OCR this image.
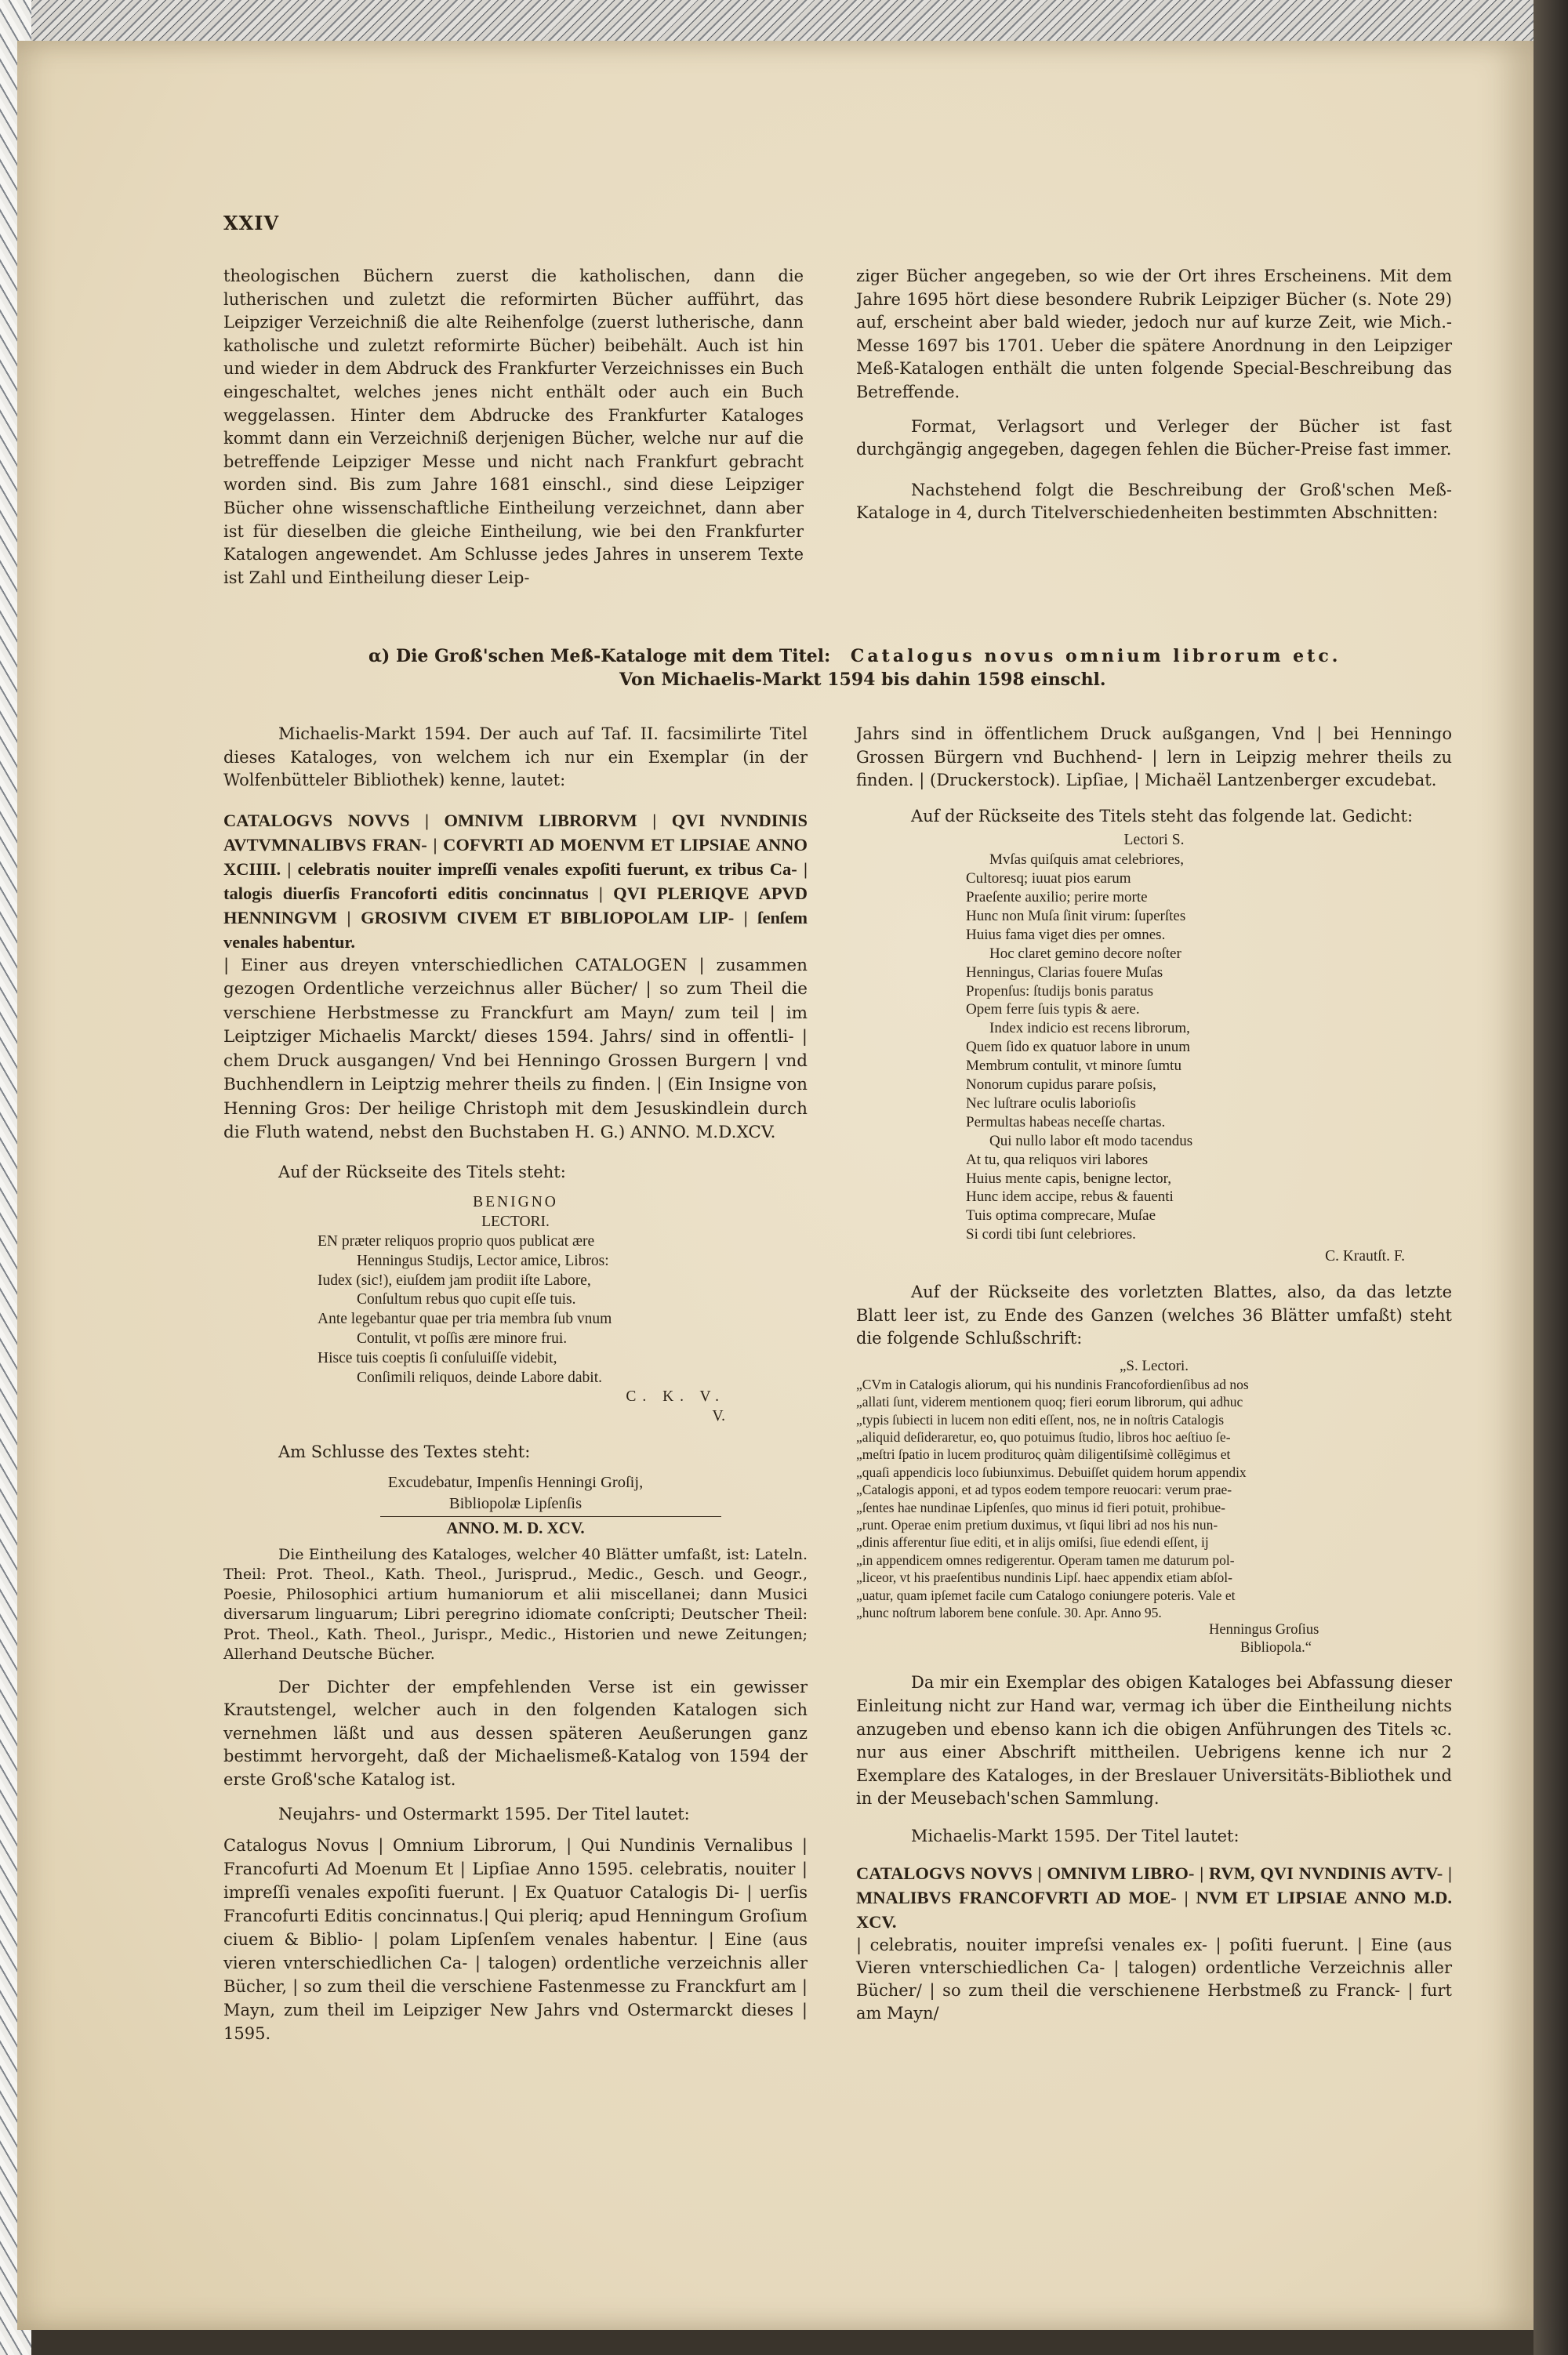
XXIV

theologischen Büchern zuerst die katholischen, dann die lutherischen und zuletzt die reformirten Bücher aufführt, das Leipziger Verzeichniß die alte Reihenfolge (zuerst lutherische, dann katholische und zuletzt reformirte Bücher) beibehält. Auch ist hin und wieder in dem Abdruck des Frankfurter Verzeichnisses ein Buch eingeschaltet, welches jenes nicht enthält oder auch ein Buch weggelassen. Hinter dem Abdrucke des Frankfurter Kataloges kommt dann ein Verzeichniß derjenigen Bücher, welche nur auf die betreffende Leipziger Messe und nicht nach Frankfurt gebracht worden sind. Bis zum Jahre 1681 einschl., sind diese Leipziger Bücher ohne wissenschaftliche Eintheilung verzeichnet, dann aber ist für dieselben die gleiche Eintheilung, wie bei den Frankfurter Katalogen angewendet. Am Schlusse jedes Jahres in unserem Texte ist Zahl und Eintheilung dieser Leip-

ziger Bücher angegeben, so wie der Ort ihres Erscheinens. Mit dem Jahre 1695 hört diese besondere Rubrik Leipziger Bücher (s. Note 29) auf, erscheint aber bald wieder, jedoch nur auf kurze Zeit, wie Mich.-Messe 1697 bis 1701. Ueber die spätere Anordnung in den Leipziger Meß-Katalogen enthält die unten folgende Special-Beschreibung das Betreffende.

Format, Verlagsort und Verleger der Bücher ist fast durchgängig angegeben, dagegen fehlen die Bücher-Preise fast immer.

Nachstehend folgt die Beschreibung der Groß'schen Meß-Kataloge in 4, durch Titelverschiedenheiten bestimmten Abschnitten:

α) Die Groß'schen Meß-Kataloge mit dem Titel: Catalogus novus omnium librorum etc.
Von Michaelis-Markt 1594 bis dahin 1598 einschl.

Michaelis-Markt 1594. Der auch auf Taf. II. facsimilirte Titel dieses Kataloges, von welchem ich nur ein Exemplar (in der Wolfenbütteler Bibliothek) kenne, lautet:

CATALOGVS NOVVS | OMNIVM LIBRORVM | QVI NVNDINIS AVTVMNALIBVS FRAN- | COFVRTI AD MOENVM ET LIPSIAE ANNO XCIIII. | celebratis nouiter impreſſi venales expoſiti fuerunt, ex tribus Ca- | talogis diuerſis Francoforti editis concinnatus | QVI PLERIQVE APVD HENNINGVM | GROSIVM CIVEM ET BIBLIOPOLAM LIP- | ſenſem venales habentur.

| Einer aus dreyen vnterschiedlichen CATALOGEN | zusammen gezogen Ordentliche verzeichnus aller Bücher/ | so zum Theil die verschiene Herbstmesse zu Franckfurt am Mayn/ zum teil | im Leiptziger Michaelis Marckt/ dieses 1594. Jahrs/ sind in offentli- | chem Druck ausgangen/ Vnd bei Henningo Grossen Burgern | vnd Buchhendlern in Leiptzig mehrer theils zu finden. | (Ein Insigne von Henning Gros: Der heilige Christoph mit dem Jesuskindlein durch die Fluth watend, nebst den Buchstaben H. G.) ANNO. M.D.XCV.

Auf der Rückseite des Titels steht:

BENIGNO
LECTORI.
EN præter reliquos proprio quos publicat ære
Henningus Studijs, Lector amice, Libros:
Iudex (sic!), eiuſdem jam prodiit iſte Labore,
Conſultum rebus quo cupit eſſe tuis.
Ante legebantur quae per tria membra ſub vnum
Contulit, vt poſſis ære minore frui.
Hisce tuis coeptis ſi conſuluiſſe videbit,
Conſimili reliquos, deinde Labore dabit.
C. K. V.
V.

Am Schlusse des Textes steht:

Excudebatur, Impenſis Henningi Groſij,
Bibliopolæ Lipſenſis
ANNO. M. D. XCV.

Die Eintheilung des Kataloges, welcher 40 Blätter umfaßt, ist: Lateln. Theil: Prot. Theol., Kath. Theol., Jurisprud., Medic., Gesch. und Geogr., Poesie, Philosophici artium humaniorum et alii miscellanei; dann Musici diversarum linguarum; Libri peregrino idiomate conſcripti; Deutscher Theil: Prot. Theol., Kath. Theol., Jurispr., Medic., Historien und newe Zeitungen; Allerhand Deutsche Bücher.

Der Dichter der empfehlenden Verse ist ein gewisser Krautstengel, welcher auch in den folgenden Katalogen sich vernehmen läßt und aus dessen späteren Aeußerungen ganz bestimmt hervorgeht, daß der Michaelismeß-Katalog von 1594 der erste Groß'sche Katalog ist.

Neujahrs- und Ostermarkt 1595. Der Titel lautet:

Catalogus Novus | Omnium Librorum, | Qui Nundinis Vernalibus | Francofurti Ad Moenum Et | Lipſiae Anno 1595. celebratis, nouiter | impreſſi venales expoſiti fuerunt. | Ex Quatuor Catalogis Di- | uerſis Francofurti Editis concinnatus.| Qui pleriq; apud Henningum Groſium ciuem & Biblio- | polam Lipſenſem venales habentur. | Eine (aus vieren vnterschiedlichen Ca- | talogen) ordentliche verzeichnis aller Bücher, | so zum theil die verschiene Fastenmesse zu Franckfurt am | Mayn, zum theil im Leipziger New Jahrs vnd Ostermarckt dieses | 1595.

Jahrs sind in öffentlichem Druck außgangen, Vnd | bei Henningo Grossen Bürgern vnd Buchhend- | lern in Leipzig mehrer theils zu finden. | (Druckerstock). Lipſiae, | Michaël Lantzenberger excudebat.

Auf der Rückseite des Titels steht das folgende lat. Gedicht:

Lectori S.
Mvſas quiſquis amat celebriores,
Cultoresq; iuuat pios earum
Praeſente auxilio; perire morte
Hunc non Muſa ſinit virum: ſuperſtes
Huius fama viget dies per omnes.
Hoc claret gemino decore noſter
Henningus, Clarias fouere Muſas
Propenſus: ſtudijs bonis paratus
Opem ferre ſuis typis & aere.
Index indicio est recens librorum,
Quem ſido ex quatuor labore in unum
Membrum contulit, vt minore ſumtu
Nonorum cupidus parare poſsis,
Nec luſtrare oculis laborioſis
Permultas habeas neceſſe chartas.
Qui nullo labor eſt modo tacendus
At tu, qua reliquos viri labores
Huius mente capis, benigne lector,
Hunc idem accipe, rebus & fauenti
Tuis optima comprecare, Muſae
Si cordi tibi ſunt celebriores.
C. Krautſt. F.

Auf der Rückseite des vorletzten Blattes, also, da das letzte Blatt leer ist, zu Ende des Ganzen (welches 36 Blätter umfaßt) steht die folgende Schlußschrift:

„S. Lectori.
„CVm in Catalogis aliorum, qui his nundinis Francofordienſibus ad nos
„allati ſunt, viderem mentionem quoq; fieri eorum librorum, qui adhuc
„typis ſubiecti in lucem non editi eſſent, nos, ne in noſtris Catalogis
„aliquid deſideraretur, eo, quo potuimus ſtudio, libros hoc aeſtiuo ſe-
„meſtri ſpatio in lucem proditurος quàm diligentiſsimè collēgimus et
„quaſi appendicis loco ſubiunximus. Debuiſſet quidem horum appendix
„Catalogis apponi, et ad typos eodem tempore reuocari: verum prae-
„ſentes hae nundinae Lipſenſes, quo minus id fieri potuit, prohibue-
„runt. Operae enim pretium duximus, vt ſiqui libri ad nos his nun-
„dinis afferentur ſiue editi, et in alijs omiſsi, ſiue edendi eſſent, ij
„in appendicem omnes redigerentur. Operam tamen me daturum pol-
„liceor, vt his praeſentibus nundinis Lipſ. haec appendix etiam abſol-
„uatur, quam ipſemet facile cum Catalogo coniungere poteris. Vale et
„hunc noſtrum laborem bene conſule. 30. Apr. Anno 95.
Henningus Groſius
Bibliopola.“

Da mir ein Exemplar des obigen Kataloges bei Abfassung dieser Einleitung nicht zur Hand war, vermag ich über die Eintheilung nichts anzugeben und ebenso kann ich die obigen Anführungen des Titels ꝛc. nur aus einer Abschrift mittheilen. Uebrigens kenne ich nur 2 Exemplare des Kataloges, in der Breslauer Universitäts-Bibliothek und in der Meusebach'schen Sammlung.

Michaelis-Markt 1595. Der Titel lautet:

CATALOGVS NOVVS | OMNIVM LIBRO- | RVM, QVI NVNDINIS AVTV- | MNALIBVS FRANCOFVRTI AD MOE- | NVM ET LIPSIAE ANNO M.D. XCV.

| celebratis, nouiter impreſsi venales ex- | poſiti fuerunt. | Eine (aus Vieren vnterschiedlichen Ca- | talogen) ordentliche Verzeichnis aller Bücher/ | so zum theil die verschienene Herbstmeß zu Franck- | furt am Mayn/
